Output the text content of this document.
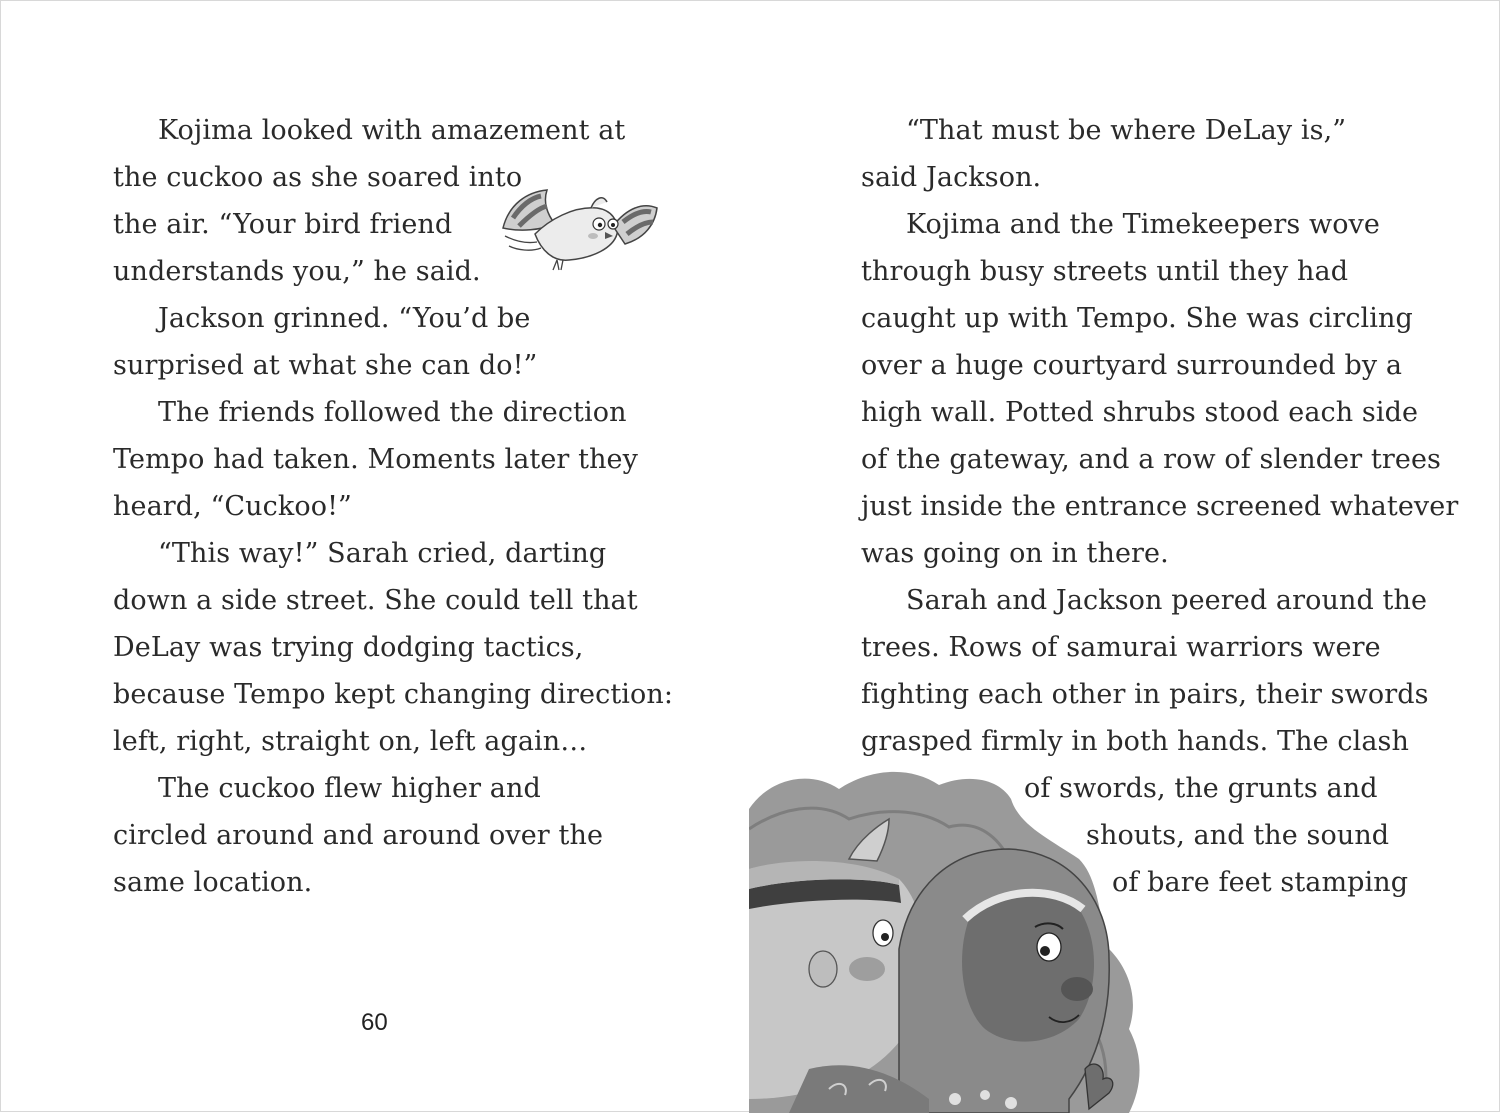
Kojima looked with amazement at
the cuckoo as she soared into
the air. “Your bird friend
understands you,” he said.
Jackson grinned. “You’d be
surprised at what she can do!”
The friends followed the direction
Tempo had taken. Moments later they
heard, “Cuckoo!”
“This way!” Sarah cried, darting
down a side street. She could tell that
DeLay was trying dodging tactics,
because Tempo kept changing direction:
left, right, straight on, left again…
The cuckoo flew higher and
circled around and around over the
same location.
60
“That must be where DeLay is,”
said Jackson.
Kojima and the Timekeepers wove
through busy streets until they had
caught up with Tempo. She was circling
over a huge courtyard surrounded by a
high wall. Potted shrubs stood each side
of the gateway, and a row of slender trees
just inside the entrance screened whatever
was going on in there.
Sarah and Jackson peered around the
trees. Rows of samurai warriors were
fighting each other in pairs, their swords
grasped firmly in both hands. The clash
of swords, the grunts and
shouts, and the sound
of bare feet stamping
